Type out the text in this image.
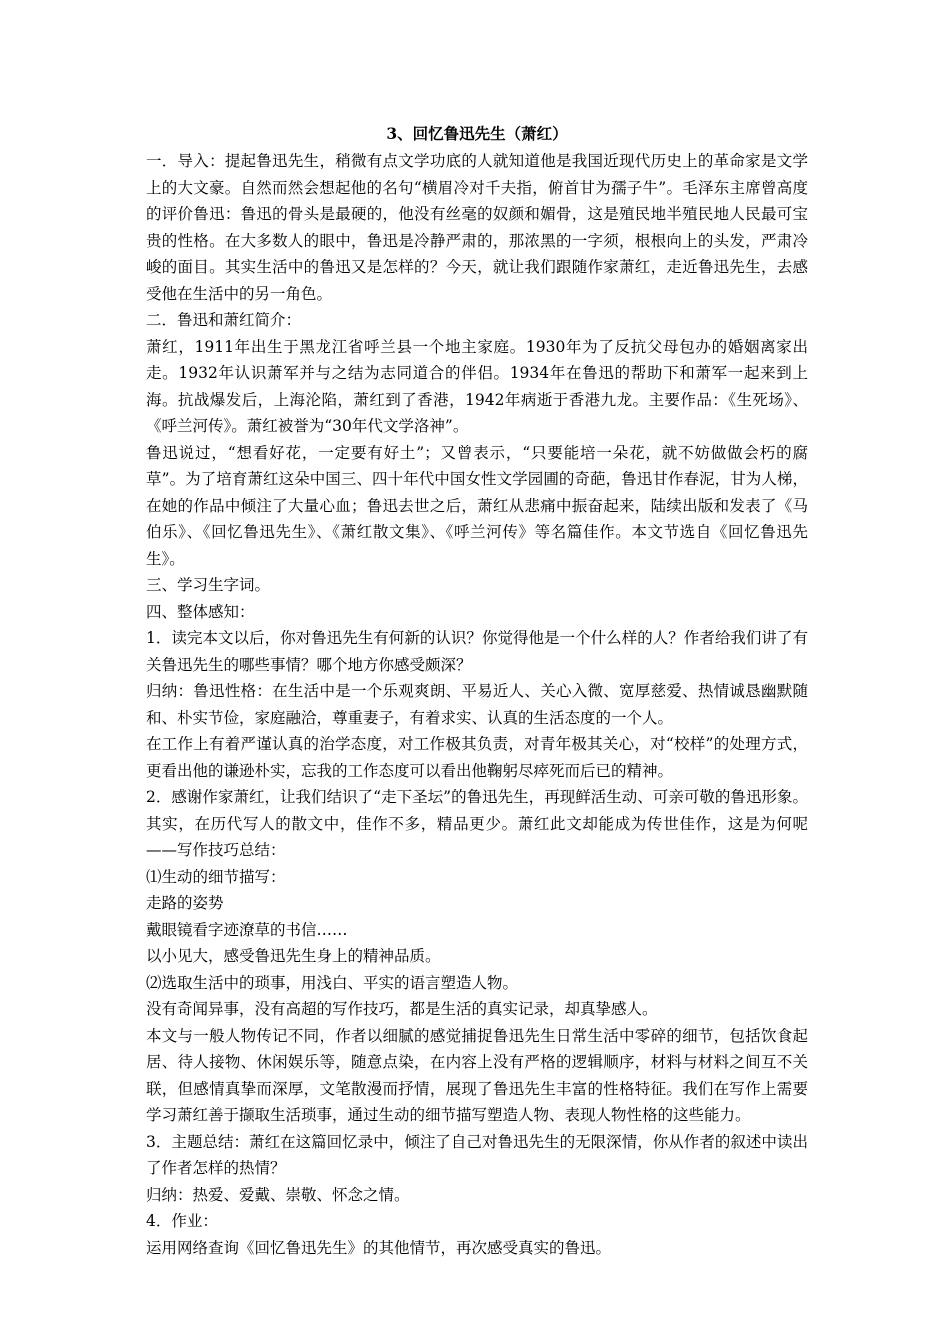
3、回忆鲁迅先生（萧红）

一．导入：提起鲁迅先生，稍微有点文学功底的人就知道他是我国近现代历史上的革命家是文学上的大文豪。自然而然会想起他的名句“横眉冷对千夫指，俯首甘为孺子牛”。毛泽东主席曾高度的评价鲁迅：鲁迅的骨头是最硬的，他没有丝毫的奴颜和媚骨，这是殖民地半殖民地人民最可宝贵的性格。在大多数人的眼中，鲁迅是冷静严肃的，那浓黑的一字须，根根向上的头发，严肃冷峻的面目。其实生活中的鲁迅又是怎样的？今天，就让我们跟随作家萧红，走近鲁迅先生，去感受他在生活中的另一角色。

二．鲁迅和萧红简介：

萧红，1911年出生于黑龙江省呼兰县一个地主家庭。1930年为了反抗父母包办的婚姻离家出走。1932年认识萧军并与之结为志同道合的伴侣。1934年在鲁迅的帮助下和萧军一起来到上海。抗战爆发后，上海沦陷，萧红到了香港，1942年病逝于香港九龙。主要作品：《生死场》、《呼兰河传》。萧红被誉为“30年代文学洛神”。

鲁迅说过，“想看好花，一定要有好土”；又曾表示，“只要能培一朵花，就不妨做做会朽的腐草”。为了培育萧红这朵中国三、四十年代中国女性文学园圃的奇葩，鲁迅甘作春泥，甘为人梯，在她的作品中倾注了大量心血；鲁迅去世之后，萧红从悲痛中振奋起来，陆续出版和发表了《马伯乐》、《回忆鲁迅先生》、《萧红散文集》、《呼兰河传》等名篇佳作。本文节选自《回忆鲁迅先生》。

三、学习生字词。

四、整体感知：

1．读完本文以后，你对鲁迅先生有何新的认识？你觉得他是一个什么样的人？作者给我们讲了有关鲁迅先生的哪些事情？哪个地方你感受颇深？

归纳：鲁迅性格：在生活中是一个乐观爽朗、平易近人、关心入微、宽厚慈爱、热情诚恳幽默随和、朴实节俭，家庭融洽，尊重妻子，有着求实、认真的生活态度的一个人。

在工作上有着严谨认真的治学态度，对工作极其负责，对青年极其关心，对“校样”的处理方式，更看出他的谦逊朴实，忘我的工作态度可以看出他鞠躬尽瘁死而后已的精神。

2．感谢作家萧红，让我们结识了“走下圣坛”的鲁迅先生，再现鲜活生动、可亲可敬的鲁迅形象。其实，在历代写人的散文中，佳作不多，精品更少。萧红此文却能成为传世佳作，这是为何呢——写作技巧总结：

⑴生动的细节描写：

走路的姿势

戴眼镜看字迹潦草的书信……

以小见大，感受鲁迅先生身上的精神品质。

⑵选取生活中的琐事，用浅白、平实的语言塑造人物。

没有奇闻异事，没有高超的写作技巧，都是生活的真实记录，却真挚感人。

本文与一般人物传记不同，作者以细腻的感觉捕捉鲁迅先生日常生活中零碎的细节，包括饮食起居、待人接物、休闲娱乐等，随意点染，在内容上没有严格的逻辑顺序，材料与材料之间互不关联，但感情真挚而深厚，文笔散漫而抒情，展现了鲁迅先生丰富的性格特征。我们在写作上需要学习萧红善于撷取生活琐事，通过生动的细节描写塑造人物、表现人物性格的这些能力。

3．主题总结：萧红在这篇回忆录中，倾注了自己对鲁迅先生的无限深情，你从作者的叙述中读出了作者怎样的热情？

归纳：热爱、爱戴、崇敬、怀念之情。

4．作业：

运用网络查询《回忆鲁迅先生》的其他情节，再次感受真实的鲁迅。
